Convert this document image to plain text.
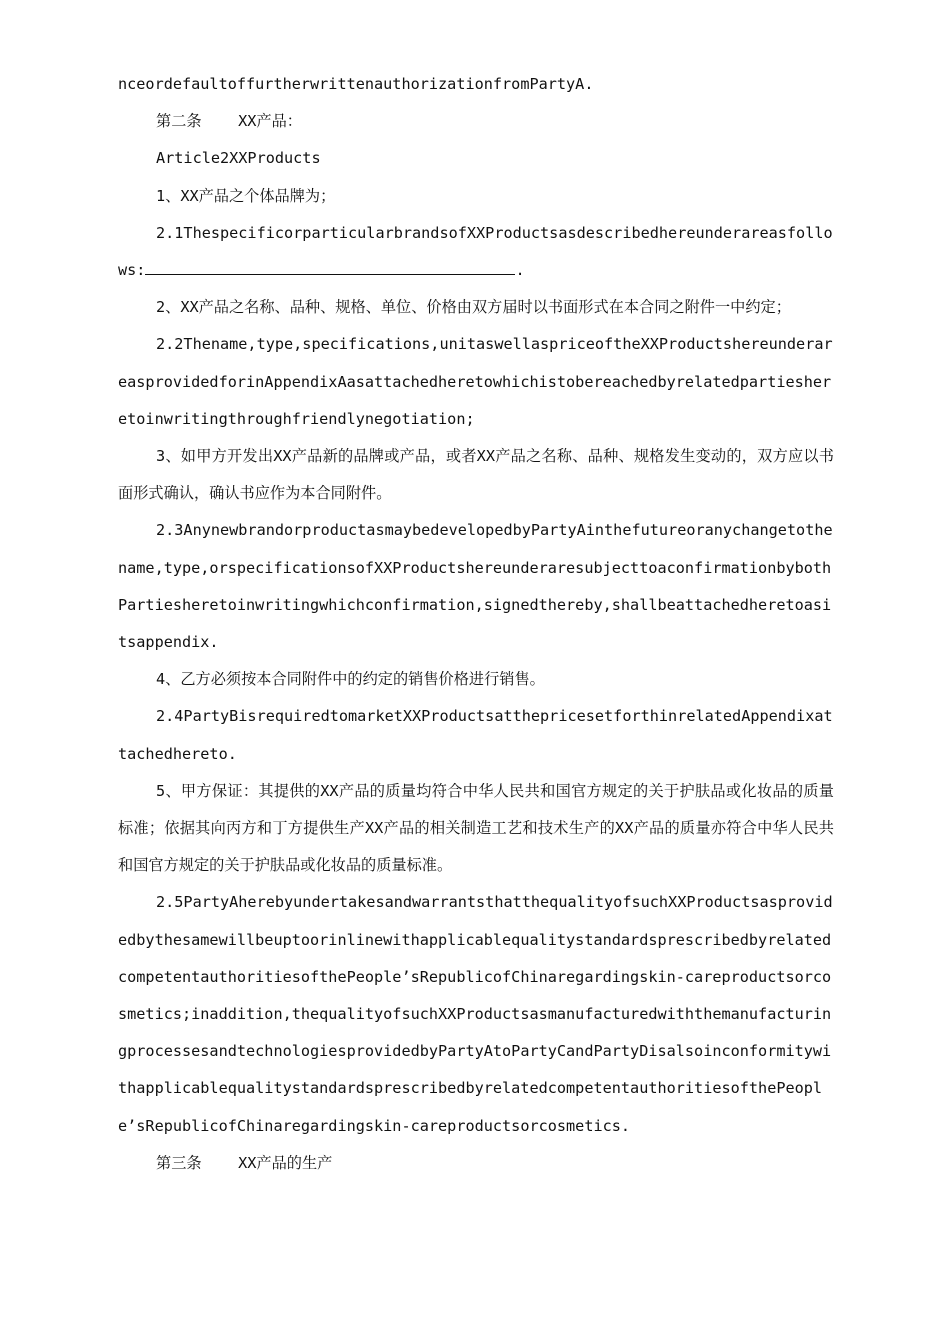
nceordefaultoffurtherwrittenauthorizationfromPartyA.

第二条    XX产品：

Article2XXProducts

1、XX产品之个体品牌为；

2.1ThespecificorparticularbrandsofXXProductsasdescribedhereunderareasfollows:	.

2、XX产品之名称、品种、规格、单位、价格由双方届时以书面形式在本合同之附件一中约定；

2.2Thename,type,specifications,unitaswellaspriceoftheXXProductshereunderareasprovidedforinAppendixAasattachedheretowhichistobereachedbyrelatedpartiesheretoinwritingthroughfriendlynegotiation;

3、如甲方开发出XX产品新的品牌或产品，或者XX产品之名称、品种、规格发生变动的，双方应以书面形式确认，确认书应作为本合同附件。

2.3AnynewbrandorproductasmaybedevelopedbyPartyAinthefutureoranychangetothename,type,orspecificationsofXXProductshereunderaresubjecttoaconfirmationbybothPartiesheretoinwritingwhichconfirmation,signedthereby,shallbeattachedheretoasitsappendix.

4、乙方必须按本合同附件中的约定的销售价格进行销售。

2.4PartyBisrequiredtomarketXXProductsatthepricesetforthinrelatedAppendixattachedhereto.

5、甲方保证：其提供的XX产品的质量均符合中华人民共和国官方规定的关于护肤品或化妆品的质量标准；依据其向丙方和丁方提供生产XX产品的相关制造工艺和技术生产的XX产品的质量亦符合中华人民共和国官方规定的关于护肤品或化妆品的质量标准。

2.5PartyAherebyundertakesandwarrantsthatthequalityofsuchXXProductsasprovidedbythesamewillbeuptoorinlinewithapplicablequalitystandardsprescribedbyrelatedcompetentauthoritiesofthePeople’sRepublicofChinaregardingskin-careproductsorcosmetics;inaddition,thequalityofsuchXXProductsasmanufacturedwiththemanufacturingprocessesandtechnologiesprovidedbyPartyAtoPartyCandPartyDisalsoinconformitywithapplicablequalitystandardsprescribedbyrelatedcompetentauthoritiesofthePeople’sRepublicofChinaregardingskin-careproductsorcosmetics.

第三条    XX产品的生产
